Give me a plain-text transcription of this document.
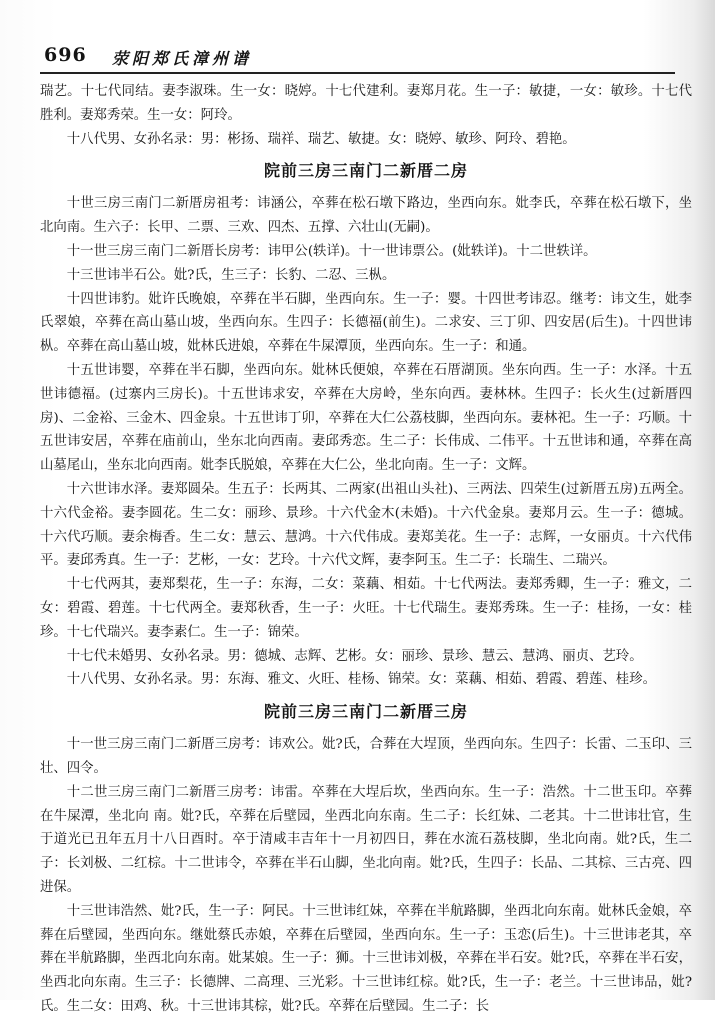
696 荥阳郑氏漳州谱

瑞艺。十七代同结。妻李淑珠。生一女：晓婷。十七代建利。妻郑月花。生一子：敏捷，一女：敏珍。十七代胜利。妻郑秀荣。生一女：阿玲。

十八代男、女孙名录：男：彬扬、瑞祥、瑞艺、敏捷。女：晓婷、敏珍、阿玲、碧艳。

院前三房三南门二新厝二房

十世三房三南门二新厝房祖考：讳涵公，卒葬在松石墩下路边，坐西向东。妣李氏，卒葬在松石墩下，坐北向南。生六子：长甲、二票、三欢、四杰、五撑、六壮山(无嗣)。

十一世三房三南门二新厝长房考：讳甲公(轶详)。十一世讳票公。(妣轶详)。十二世轶详。

十三世讳半石公。妣?氏，生三子：长豹、二忍、三枞。

十四世讳豹。妣许氏晚娘，卒葬在半石脚，坐西向东。生一子：婴。十四世考讳忍。继考：讳文生，妣李氏翠娘，卒葬在高山墓山坡，坐西向东。生四子：长德福(前生)。二求安、三丁卯、四安居(后生)。十四世讳枞。卒葬在高山墓山坡，妣林氏进娘，卒葬在牛屎潭顶，坐西向东。生一子：和通。

十五世讳婴，卒葬在半石脚，坐西向东。妣林氏便娘，卒葬在石厝湖顶。坐东向西。生一子：水泽。十五世讳德福。(过寨内三房长)。十五世讳求安，卒葬在大房岭，坐东向西。妻林林。生四子：长火生(过新厝四房)、二金裕、三金木、四金泉。十五世讳丁卯，卒葬在大仁公荔枝脚，坐西向东。妻林祀。生一子：巧顺。十五世讳安居，卒葬在庙前山，坐东北向西南。妻邱秀恋。生二子：长伟成、二伟平。十五世讳和通，卒葬在高山墓尾山，坐东北向西南。妣李氏脱娘，卒葬在大仁公，坐北向南。生一子：文辉。

十六世讳水泽。妻郑圆朵。生五子：长两其、二两家(出祖山头社)、三两法、四荣生(过新厝五房)五两全。十六代金裕。妻李圆花。生二女：丽珍、景珍。十六代金木(未婚)。十六代金泉。妻郑月云。生一子：德城。十六代巧顺。妻余梅香。生二女：慧云、慧鸿。十六代伟成。妻郑美花。生一子：志辉，一女丽贞。十六代伟平。妻邱秀真。生一子：艺彬，一女：艺玲。十六代文辉，妻李阿玉。生二子：长瑞生、二瑞兴。

十七代两其，妻郑梨花，生一子：东海，二女：菜藕、相茹。十七代两法。妻郑秀卿，生一子：雅文，二女：碧霞、碧莲。十七代两全。妻郑秋香，生一子：火旺。十七代瑞生。妻郑秀珠。生一子：桂扬，一女：桂珍。十七代瑞兴。妻李素仁。生一子：锦荣。

十七代未婚男、女孙名录。男：德城、志辉、艺彬。女：丽珍、景珍、慧云、慧鸿、丽贞、艺玲。

十八代男、女孙名录。男：东海、雅文、火旺、桂杨、锦荣。女：菜藕、相茹、碧霞、碧莲、桂珍。

院前三房三南门二新厝三房

十一世三房三南门二新厝三房考：讳欢公。妣?氏，合葬在大埕顶，坐西向东。生四子：长雷、二玉印、三壮、四令。

十二世三房三南门二新厝三房考：讳雷。卒葬在大埕后坎，坐西向东。生一子：浩然。十二世玉印。卒葬在牛屎潭，坐北向 南。妣?氏，卒葬在后壁园，坐西北向东南。生二子：长红妹、二老其。十二世讳壮官，生于道光已丑年五月十八日酉时。卒于清咸丰吉年十一月初四日，葬在水流石荔枝脚，坐北向南。妣?氏，生二子：长刘极、二红棕。十二世讳令，卒葬在半石山脚，坐北向南。妣?氏，生四子：长品、二其棕、三古亮、四进保。

十三世讳浩然、妣?氏，生一子：阿民。十三世讳红妹，卒葬在半航路脚，坐西北向东南。妣林氏金娘，卒葬在后壁园，坐西向东。继妣蔡氏赤娘，卒葬在后壁园，坐西向东。生一子：玉恋(后生)。十三世讳老其，卒葬在半航路脚，坐西北向东南。妣某娘。生一子：狮。十三世讳刘极，卒葬在半石安。妣?氏，卒葬在半石安，坐西北向东南。生三子：长德牌、二高理、三光彩。十三世讳红棕。妣?氏，生一子：老兰。十三世讳品，妣?氏。生二女：田鸡、秋。十三世讳其棕，妣?氏。卒葬在后壁园。生二子：长
